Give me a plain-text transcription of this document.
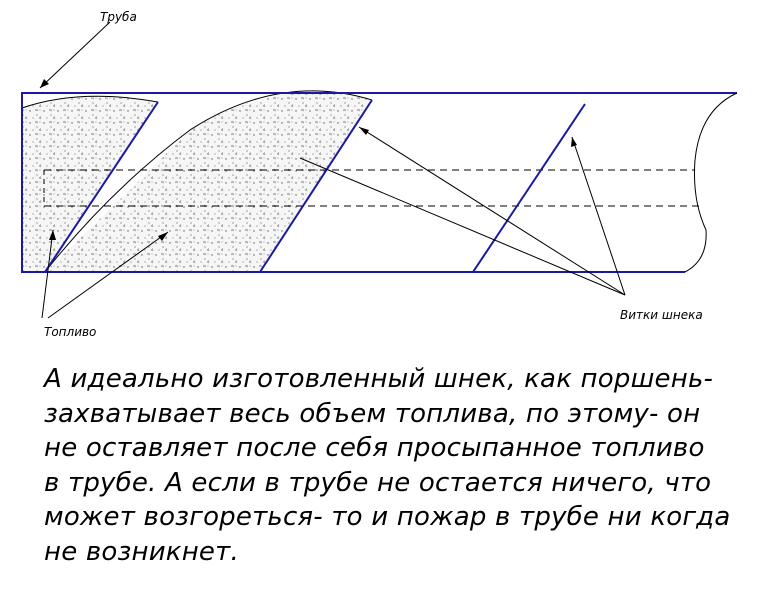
Труба
Топливо
Витки шнека

А идеально изготовленный шнек, как поршень-
захватывает весь объем топлива, по этому- он
не оставляет после себя просыпанное топливо
в трубе. А если в трубе не остается ничего, что
может возгореться- то и пожар в трубе ни когда
не возникнет.
